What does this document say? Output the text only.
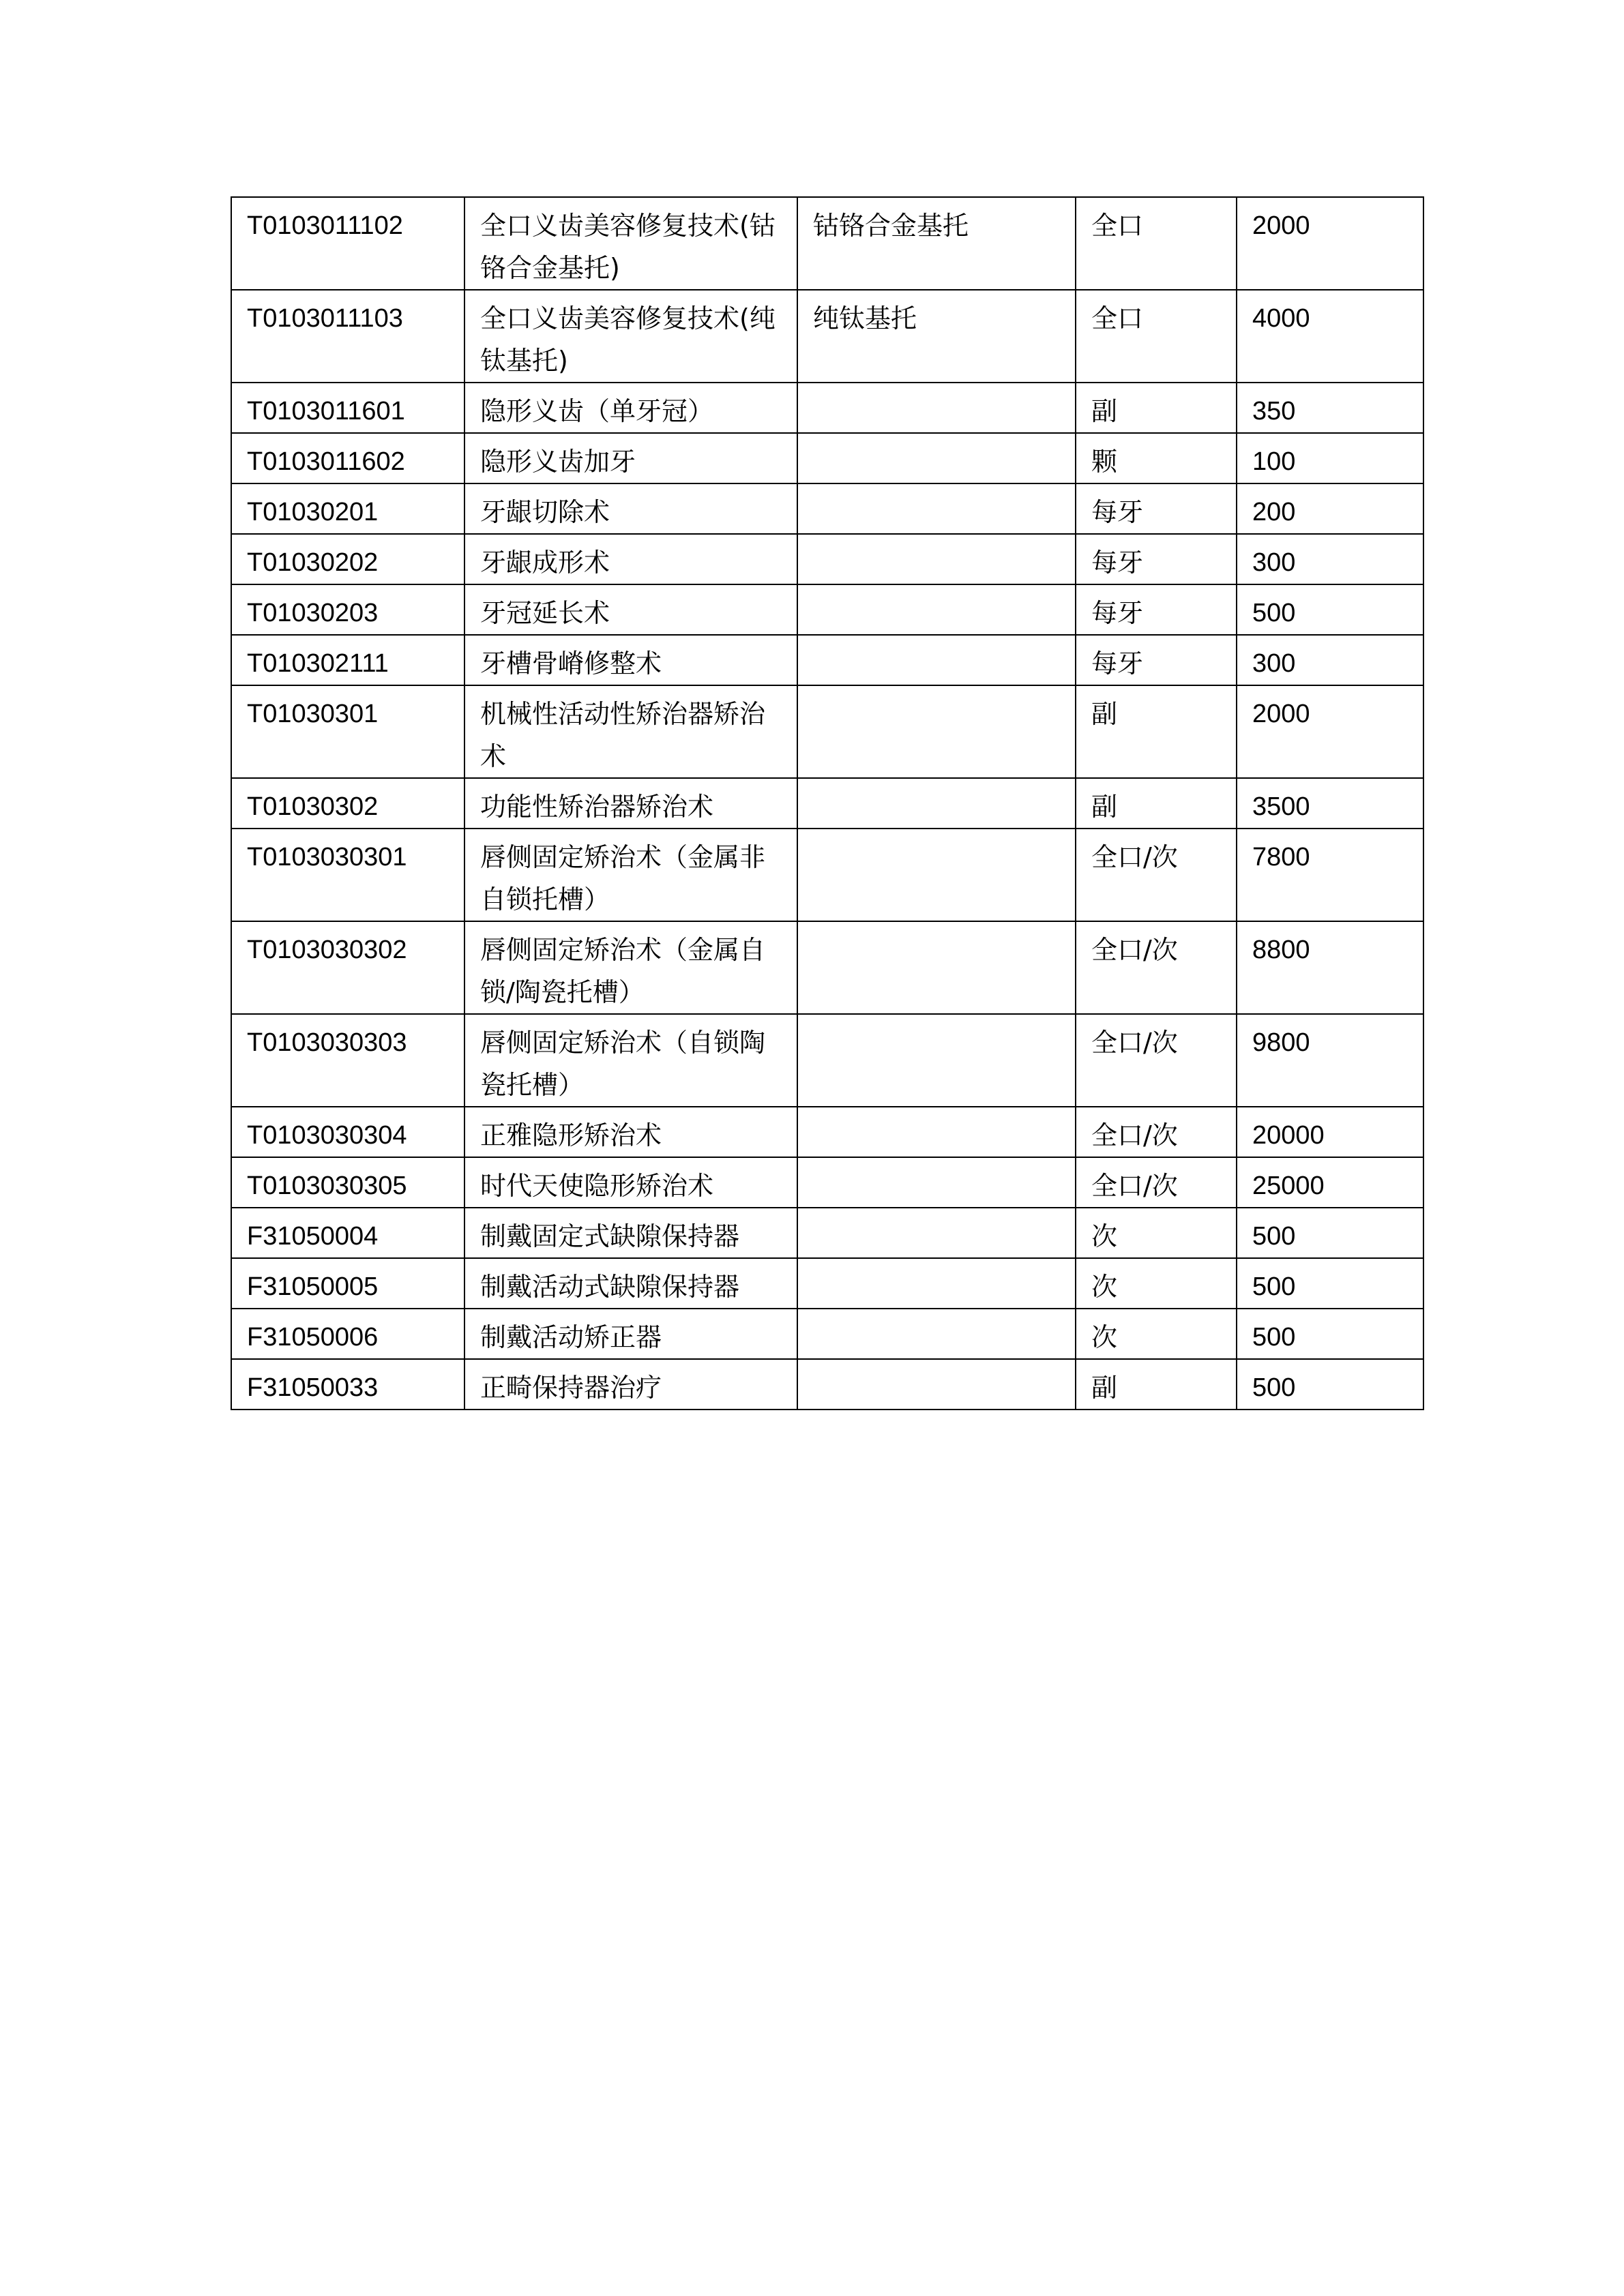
T0103011102	全口义齿美容修复技术(钴铬合金基托)	钴铬合金基托	全口	2000
T0103011103	全口义齿美容修复技术(纯钛基托)	纯钛基托	全口	4000
T0103011601	隐形义齿（单牙冠）		副	350
T0103011602	隐形义齿加牙		颗	100
T01030201	牙龈切除术		每牙	200
T01030202	牙龈成形术		每牙	300
T01030203	牙冠延长术		每牙	500
T010302111	牙槽骨嵴修整术		每牙	300
T01030301	机械性活动性矫治器矫治术		副	2000
T01030302	功能性矫治器矫治术		副	3500
T0103030301	唇侧固定矫治术（金属非自锁托槽）		全口/次	7800
T0103030302	唇侧固定矫治术（金属自锁/陶瓷托槽）		全口/次	8800
T0103030303	唇侧固定矫治术（自锁陶瓷托槽）		全口/次	9800
T0103030304	正雅隐形矫治术		全口/次	20000
T0103030305	时代天使隐形矫治术		全口/次	25000
F31050004	制戴固定式缺隙保持器		次	500
F31050005	制戴活动式缺隙保持器		次	500
F31050006	制戴活动矫正器		次	500
F31050033	正畸保持器治疗		副	500
